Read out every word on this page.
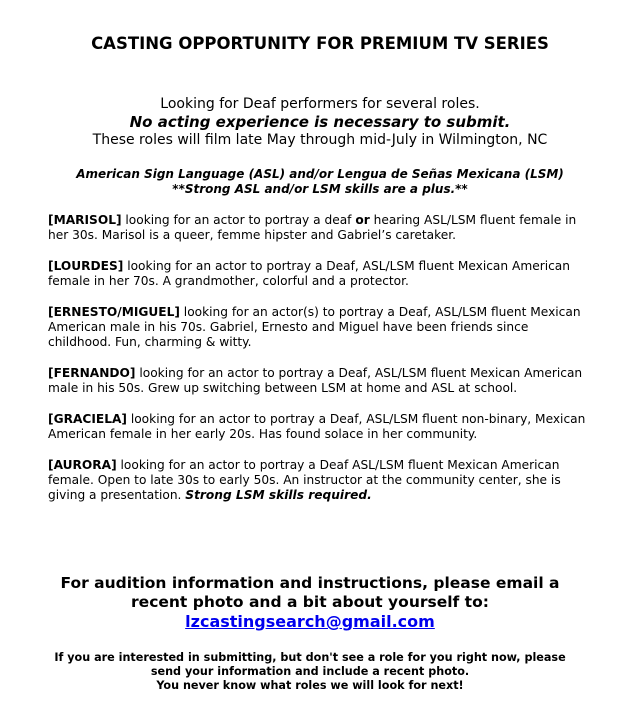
CASTING OPPORTUNITY FOR PREMIUM TV SERIES
Looking for Deaf performers for several roles.
No acting experience is necessary to submit.
These roles will film late May through mid-July in Wilmington, NC
American Sign Language (ASL) and/or Lengua de Señas Mexicana (LSM)
**Strong ASL and/or LSM skills are a plus.**

[MARISOL] looking for an actor to portray a deaf or hearing ASL/LSM fluent female in her 30s. Marisol is a queer, femme hipster and Gabriel’s caretaker.

[LOURDES] looking for an actor to portray a Deaf, ASL/LSM fluent Mexican American female in her 70s. A grandmother, colorful and a protector.

[ERNESTO/MIGUEL] looking for an actor(s) to portray a Deaf, ASL/LSM fluent Mexican American male in his 70s. Gabriel, Ernesto and Miguel have been friends since childhood. Fun, charming & witty.

[FERNANDO] looking for an actor to portray a Deaf, ASL/LSM fluent Mexican American male in his 50s. Grew up switching between LSM at home and ASL at school.

[GRACIELA] looking for an actor to portray a Deaf, ASL/LSM fluent non-binary, Mexican American female in her early 20s. Has found solace in her community.

[AURORA] looking for an actor to portray a Deaf ASL/LSM fluent Mexican American female. Open to late 30s to early 50s. An instructor at the community center, she is giving a presentation. Strong LSM skills required.

For audition information and instructions, please email a recent photo and a bit about yourself to:
lzcastingsearch@gmail.com
If you are interested in submitting, but don't see a role for you right now, please send your information and include a recent photo.
You never know what roles we will look for next!
